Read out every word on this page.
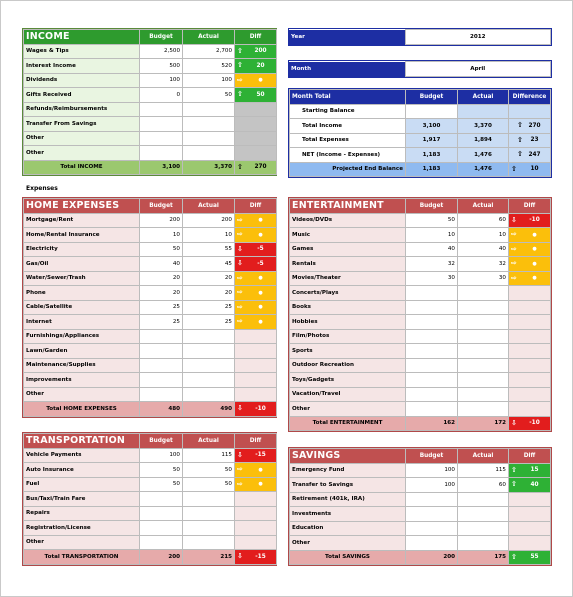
INCOME	Budget	Actual	Diff
Wages & Tips	2,500	2,700	⇧ 200

Interest Income	500	520	⇧ 20

Dividends	100	100	⇨ ●

Gifts Received	0	50	⇧ 50

Refunds/Reimbursements			

Transfer From Savings			

Other			

Other			

Total INCOME	3,100	3,370	⇧ 270
Year	2012
Month	April
Month Total	Budget	Actual	Difference
Starting Balance			

Total Income	3,100	3,370	⇧ 270

Total Expenses	1,917	1,894	⇧ 23

NET (Income - Expenses)	1,183	1,476	⇧ 247

Projected End Balance	1,183	1,476	⇧ 10
Expenses
HOME EXPENSES	Budget	Actual	Diff
Mortgage/Rent	200	200	⇨ ●

Home/Rental Insurance	10	10	⇨ ●

Electricity	50	55	⇩ -5

Gas/Oil	40	45	⇩ -5

Water/Sewer/Trash	20	20	⇨ ●

Phone	20	20	⇨ ●

Cable/Satellite	25	25	⇨ ●

Internet	25	25	⇨ ●

Furnishings/Appliances			

Lawn/Garden			

Maintenance/Supplies			

Improvements			

Other			

Total HOME EXPENSES	480	490	⇩ -10
ENTERTAINMENT	Budget	Actual	Diff
Videos/DVDs	50	60	⇩ -10

Music	10	10	⇨ ●

Games	40	40	⇨ ●

Rentals	32	32	⇨ ●

Movies/Theater	30	30	⇨ ●

Concerts/Plays			

Books			

Hobbies			

Film/Photos			

Sports			

Outdoor Recreation			

Toys/Gadgets			

Vacation/Travel			

Other			

Total ENTERTAINMENT	162	172	⇩ -10
TRANSPORTATION	Budget	Actual	Diff
Vehicle Payments	100	115	⇩ -15

Auto Insurance	50	50	⇨ ●

Fuel	50	50	⇨ ●

Bus/Taxi/Train Fare			

Repairs			

Registration/License			

Other			

Total TRANSPORTATION	200	215	⇩ -15
SAVINGS	Budget	Actual	Diff
Emergency Fund	100	115	⇧ 15

Transfer to Savings	100	60	⇧ 40

Retirement (401k, IRA)			

Investments			

Education			

Other			

Total SAVINGS	200	175	⇧ 55
